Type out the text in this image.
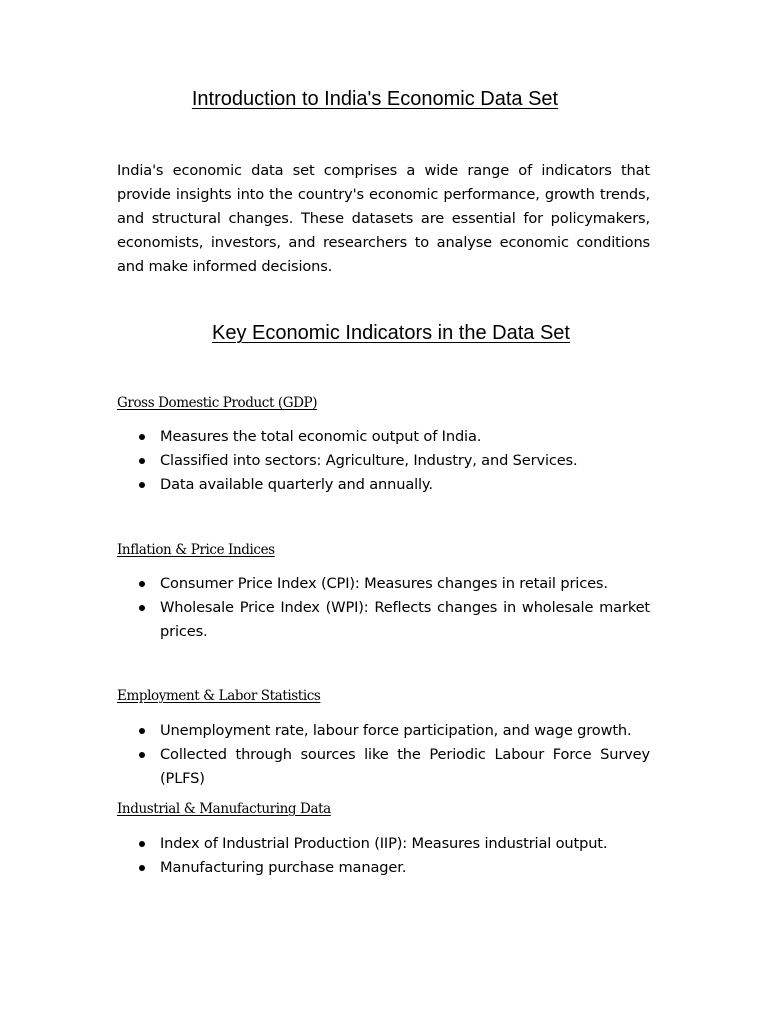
Introduction to India's Economic Data Set

India's economic data set comprises a wide range of indicators that provide insights into the country's economic performance, growth trends, and structural changes. These datasets are essential for policymakers, economists, investors, and researchers to analyse economic conditions and make informed decisions.

Key Economic Indicators in the Data Set
Gross Domestic Product (GDP)
Measures the total economic output of India.
Classified into sectors: Agriculture, Industry, and Services.
Data available quarterly and annually.
Inflation & Price Indices
Consumer Price Index (CPI): Measures changes in retail prices.
Wholesale Price Index (WPI): Reflects changes in wholesale market prices.
Employment & Labor Statistics
Unemployment rate, labour force participation, and wage growth.
Collected through sources like the Periodic Labour Force Survey (PLFS)
Industrial & Manufacturing Data
Index of Industrial Production (IIP): Measures industrial output.
Manufacturing purchase manager.
